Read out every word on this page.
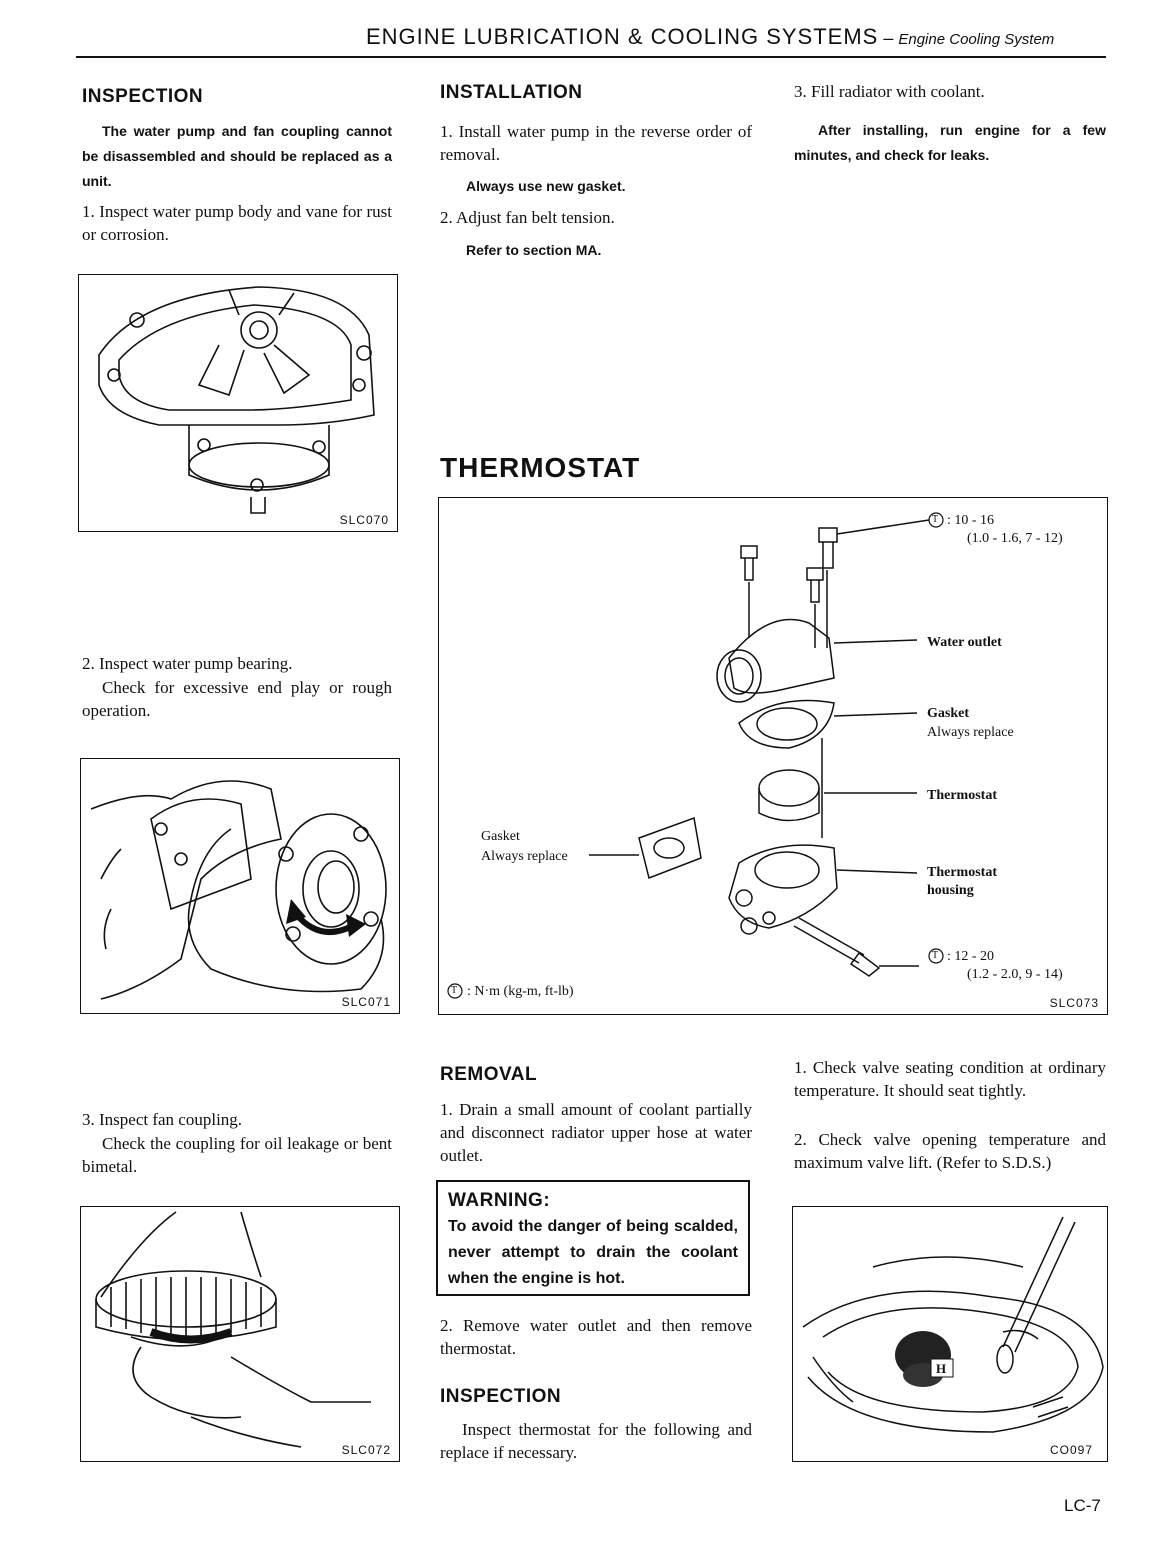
ENGINE LUBRICATION & COOLING SYSTEMS – Engine Cooling System
INSPECTION
The water pump and fan coupling cannot be disassembled and should be replaced as a unit.
1. Inspect water pump body and vane for rust or corrosion.
SLC070
2. Inspect water pump bearing.
Check for excessive end play or rough operation.
SLC071
3. Inspect fan coupling.
Check the coupling for oil leakage or bent bimetal.
SLC072
INSTALLATION
1. Install water pump in the reverse order of removal.
Always use new gasket.
2. Adjust fan belt tension.
Refer to section MA.
THERMOSTAT
T : 10 - 16
(1.0 - 1.6, 7 - 12)
Water outlet
Gasket
Always replace
Thermostat
Gasket
Always replace
Thermostat
housing
T : 12 - 20
(1.2 - 2.0, 9 - 14)
T : N·m (kg-m, ft-lb)
SLC073
REMOVAL
1. Drain a small amount of coolant partially and disconnect radiator upper hose at water outlet.
WARNING:
To avoid the danger of being scalded, never attempt to drain the coolant when the engine is hot.
2. Remove water outlet and then remove thermostat.
INSPECTION
Inspect thermostat for the following and replace if necessary.
3. Fill radiator with coolant.
After installing, run engine for a few minutes, and check for leaks.
1. Check valve seating condition at ordinary temperature. It should seat tightly.
2. Check valve opening temperature and maximum valve lift. (Refer to S.D.S.)
H
CO097
LC-7
